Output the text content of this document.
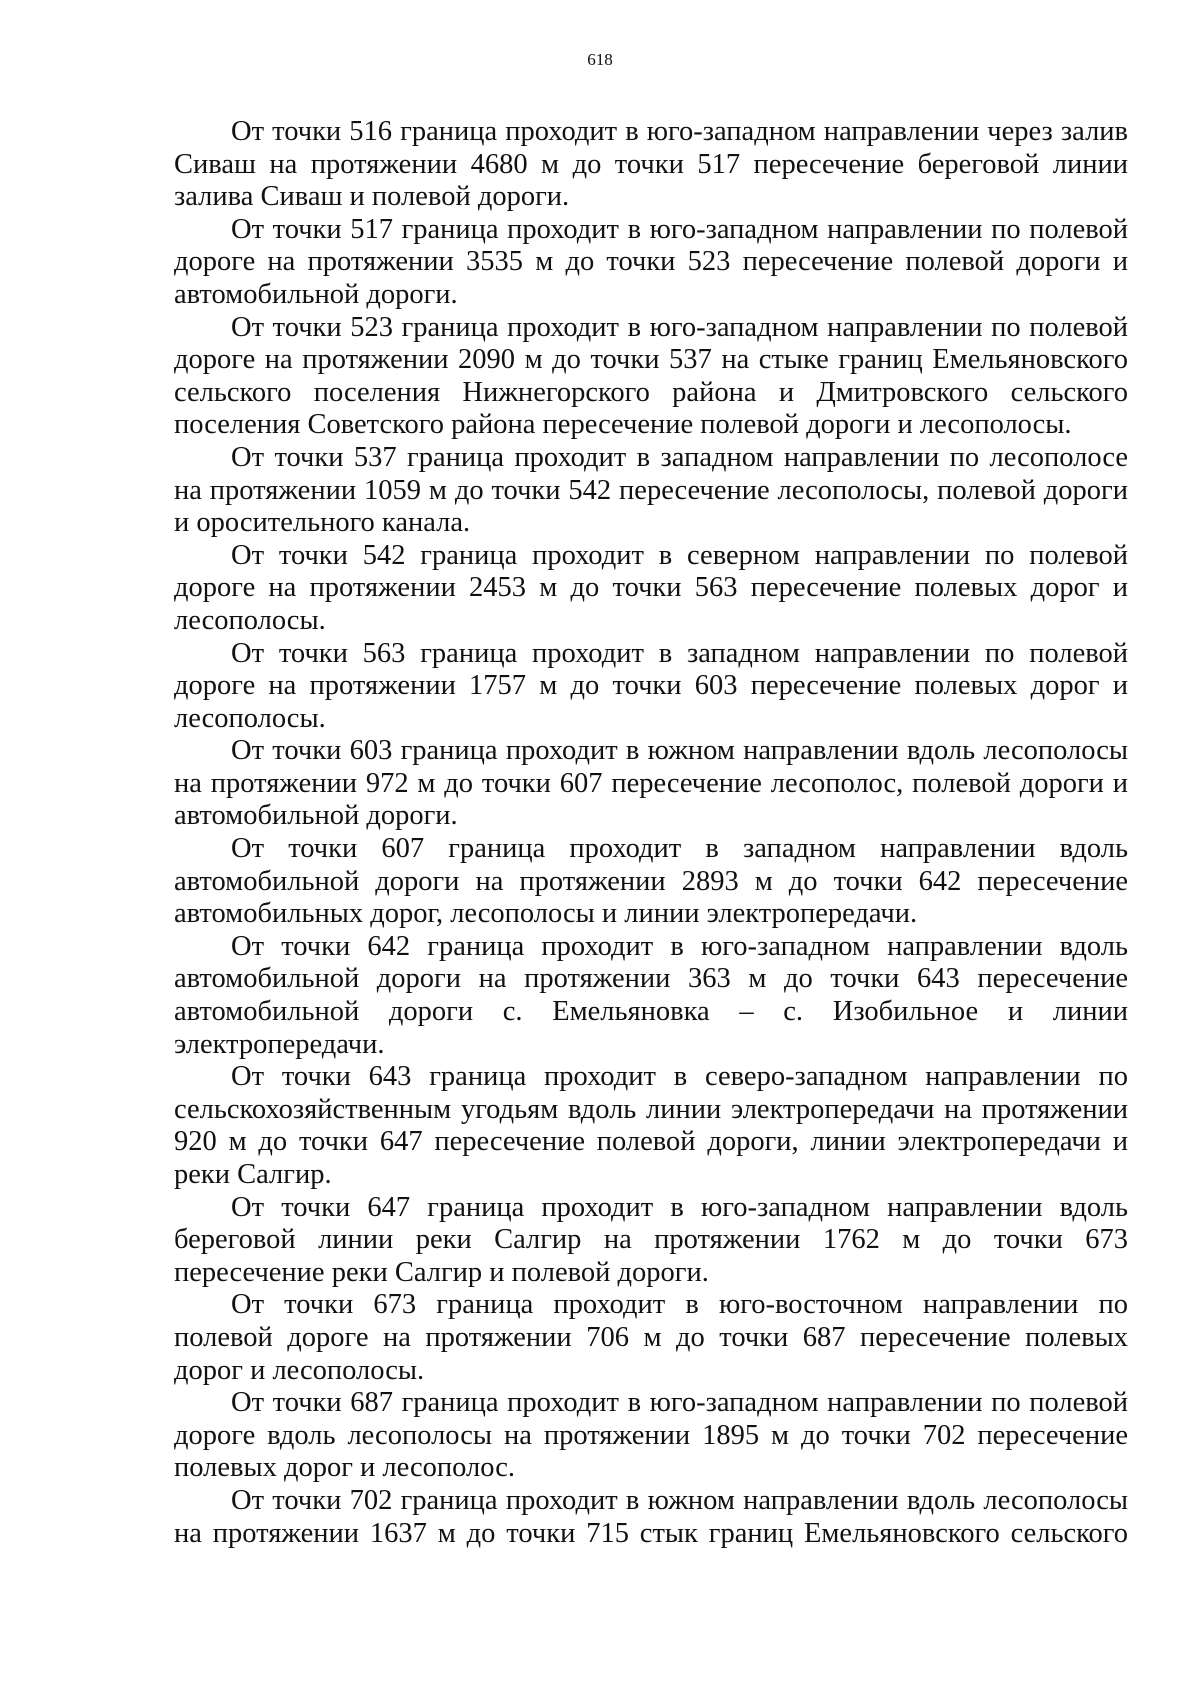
618

От точки 516 граница проходит в юго-западном направлении через залив Сиваш на протяжении 4680 м до точки 517 пересечение береговой линии залива Сиваш и полевой дороги.

От точки 517 граница проходит в юго-западном направлении по полевой дороге на протяжении 3535 м до точки 523 пересечение полевой дороги и автомобильной дороги.

От точки 523 граница проходит в юго-западном направлении по полевой дороге на протяжении 2090 м до точки 537 на стыке границ Емельяновского сельского поселения Нижнегорского района и Дмитровского сельского поселения Советского района пересечение полевой дороги и лесополосы.

От точки 537 граница проходит в западном направлении по лесополосе на протяжении 1059 м до точки 542 пересечение лесополосы, полевой дороги и оросительного канала.

От точки 542 граница проходит в северном направлении по полевой дороге на протяжении 2453 м до точки 563 пересечение полевых дорог и лесополосы.

От точки 563 граница проходит в западном направлении по полевой дороге на протяжении 1757 м до точки 603 пересечение полевых дорог и лесополосы.

От точки 603 граница проходит в южном направлении вдоль лесополосы на протяжении 972 м до точки 607 пересечение лесополос, полевой дороги и автомобильной дороги.

От точки 607 граница проходит в западном направлении вдоль автомобильной дороги на протяжении 2893 м до точки 642 пересечение автомобильных дорог, лесополосы и линии электропередачи.

От точки 642 граница проходит в юго-западном направлении вдоль автомобильной дороги на протяжении 363 м до точки 643 пересечение автомобильной дороги с. Емельяновка – с. Изобильное и линии электропередачи.

От точки 643 граница проходит в северо-западном направлении по сельскохозяйственным угодьям вдоль линии электропередачи на протяжении 920 м до точки 647 пересечение полевой дороги, линии электропередачи и реки Салгир.

От точки 647 граница проходит в юго-западном направлении вдоль береговой линии реки Салгир на протяжении 1762 м до точки 673 пересечение реки Салгир и полевой дороги.

От точки 673 граница проходит в юго-восточном направлении по полевой дороге на протяжении 706 м до точки 687 пересечение полевых дорог и лесополосы.

От точки 687 граница проходит в юго-западном направлении по полевой дороге вдоль лесополосы на протяжении 1895 м до точки 702 пересечение полевых дорог и лесополос.

От точки 702 граница проходит в южном направлении вдоль лесополосы на протяжении 1637 м до точки 715 стык границ Емельяновского сельского
